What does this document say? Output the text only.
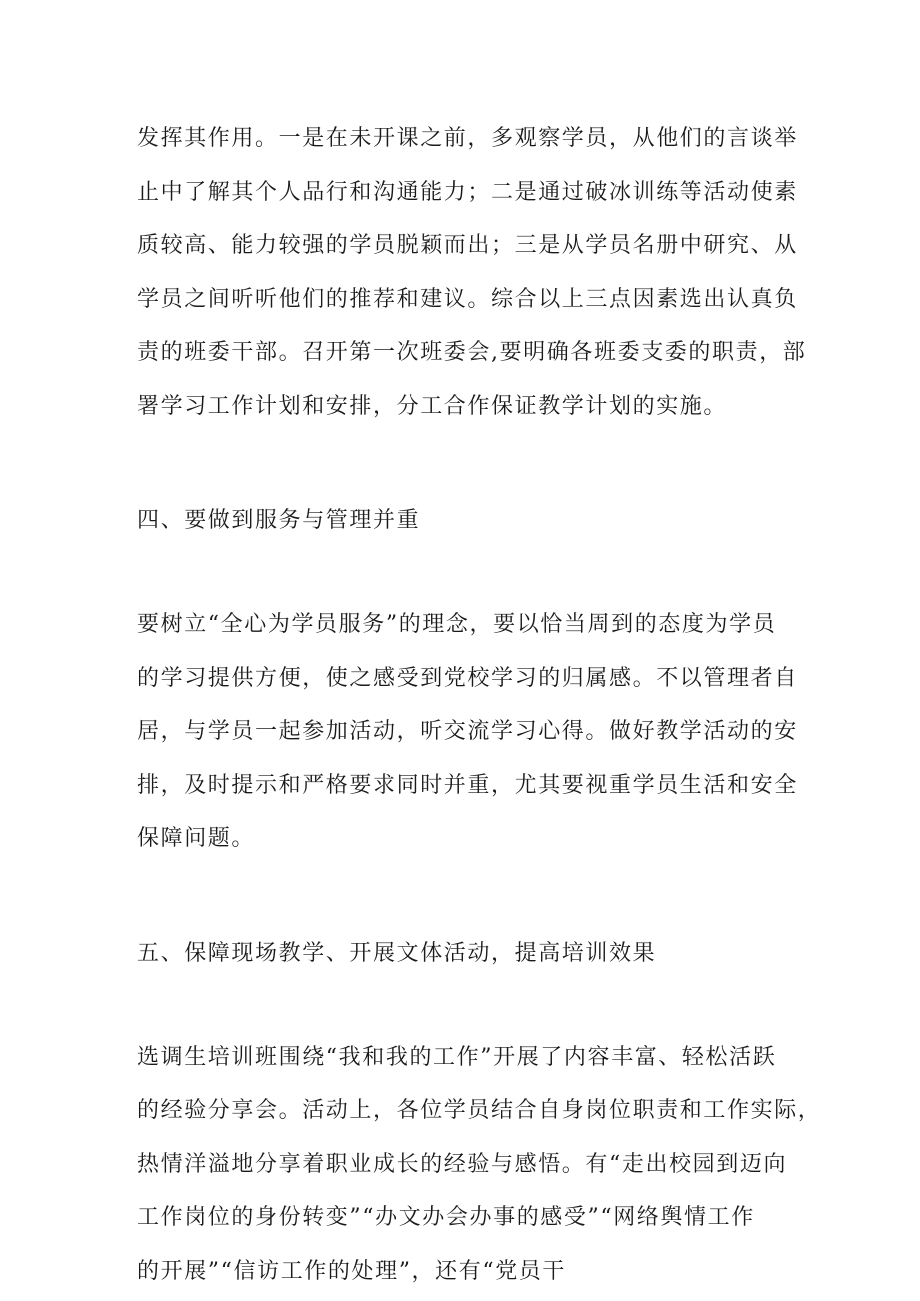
发挥其作用。一是在未开课之前，多观察学员，从他们的言谈举
止中了解其个人品行和沟通能力；二是通过破冰训练等活动使素
质较高、能力较强的学员脱颖而出；三是从学员名册中研究、从
学员之间听听他们的推荐和建议。综合以上三点因素选出认真负
责的班委干部。召开第一次班委会,要明确各班委支委的职责，部
署学习工作计划和安排，分工合作保证教学计划的实施。
四、要做到服务与管理并重
要树立“全心为学员服务”的理念，要以恰当周到的态度为学员
的学习提供方便，使之感受到党校学习的归属感。不以管理者自
居，与学员一起参加活动，听交流学习心得。做好教学活动的安
排，及时提示和严格要求同时并重，尤其要视重学员生活和安全
保障问题。
五、保障现场教学、开展文体活动，提高培训效果
选调生培训班围绕“我和我的工作”开展了内容丰富、轻松活跃
的经验分享会。活动上，各位学员结合自身岗位职责和工作实际，
热情洋溢地分享着职业成长的经验与感悟。有“走出校园到迈向
工作岗位的身份转变”“办文办会办事的感受”“网络舆情工作
的开展”“信访工作的处理”，还有“党员干
